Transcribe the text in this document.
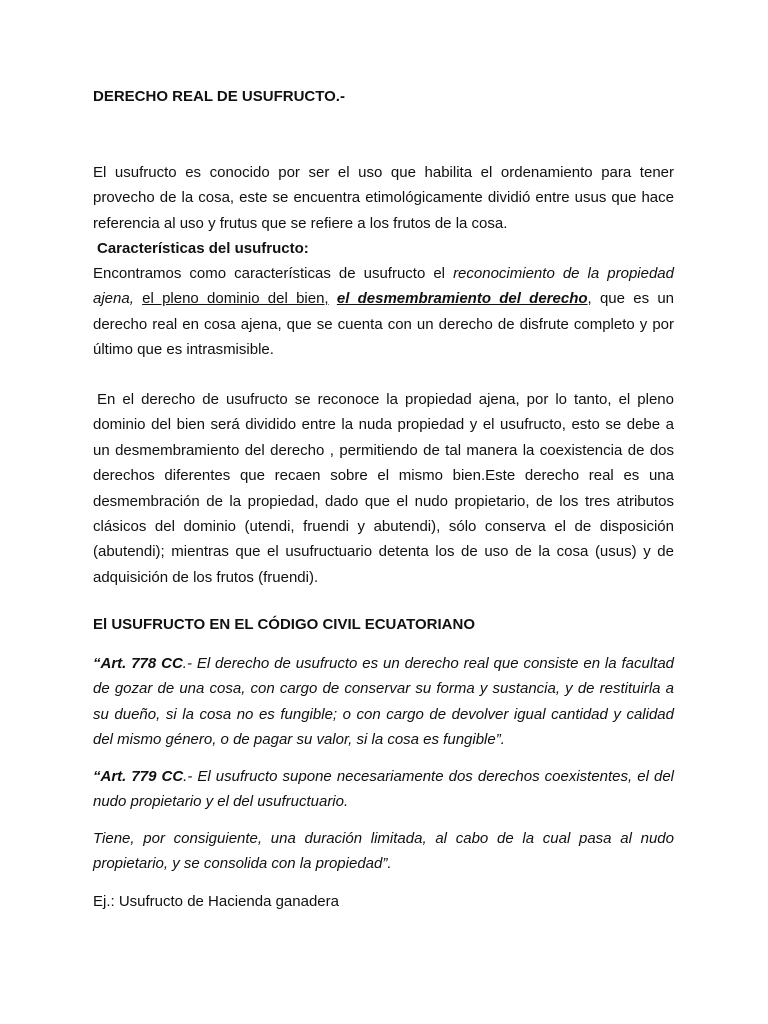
DERECHO REAL DE USUFRUCTO.-

El usufructo es conocido por ser el uso que habilita el ordenamiento para tener provecho de la cosa, este se encuentra etimológicamente dividió entre usus que hace referencia al uso y frutus que se refiere a los frutos de la cosa.

Características del usufructo:

Encontramos como características de usufructo el reconocimiento de la propiedad ajena, el pleno dominio del bien, el desmembramiento del derecho, que es un derecho real en cosa ajena, que se cuenta con un derecho de disfrute completo y por último que es intrasmisible.

En el derecho de usufructo se reconoce la propiedad ajena, por lo tanto, el pleno dominio del bien será dividido entre la nuda propiedad y el usufructo, esto se debe a un desmembramiento del derecho , permitiendo de tal manera la coexistencia de dos derechos diferentes que recaen sobre el mismo bien.Este derecho real es una desmembración de la propiedad, dado que el nudo propietario, de los tres atributos clásicos del dominio (utendi, fruendi y abutendi), sólo conserva el de disposición (abutendi); mientras que el usufructuario detenta los de uso de la cosa (usus) y de adquisición de los frutos (fruendi).

El USUFRUCTO EN EL CÓDIGO CIVIL ECUATORIANO

“Art. 778 CC.- El derecho de usufructo es un derecho real que consiste en la facultad de gozar de una cosa, con cargo de conservar su forma y sustancia, y de restituirla a su dueño, si la cosa no es fungible; o con cargo de devolver igual cantidad y calidad del mismo género, o de pagar su valor, si la cosa es fungible”.

“Art. 779 CC.- El usufructo supone necesariamente dos derechos coexistentes, el del nudo propietario y el del usufructuario.

Tiene, por consiguiente, una duración limitada, al cabo de la cual pasa al nudo propietario, y se consolida con la propiedad”.

Ej.: Usufructo de Hacienda ganadera
